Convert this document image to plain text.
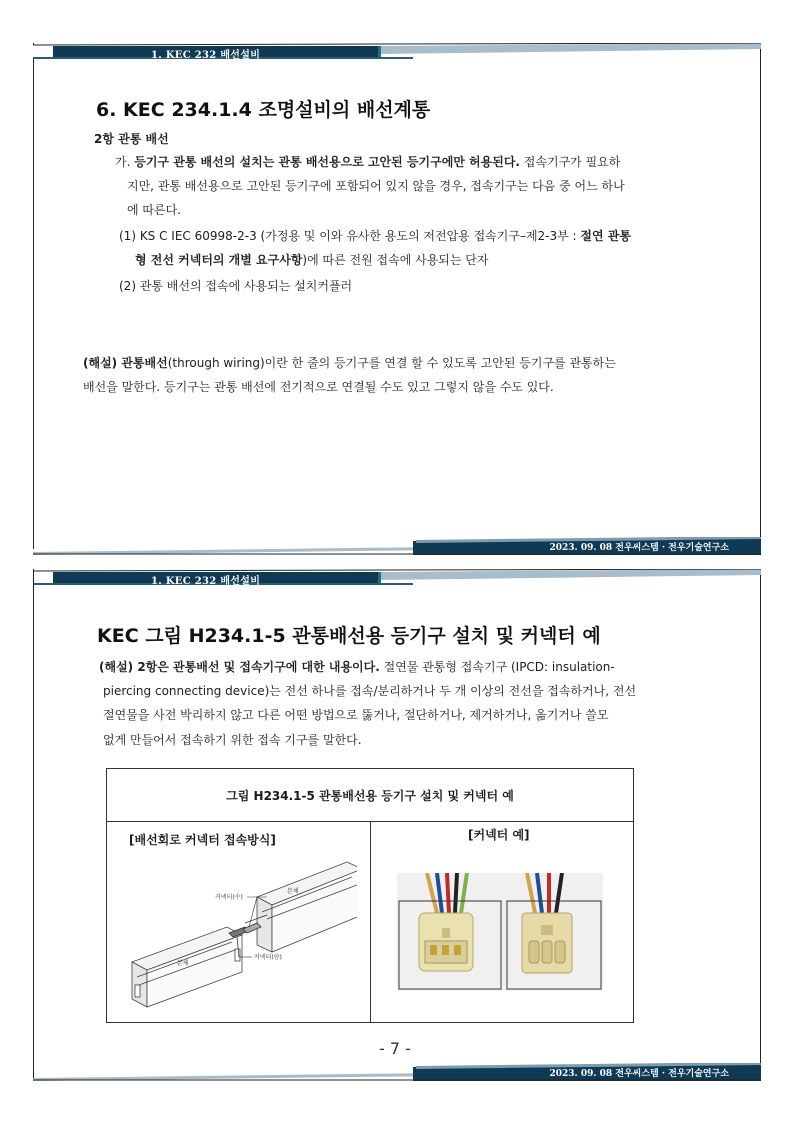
1. KEC 232 배선설비
6. KEC 234.1.4 조명설비의 배선계통
2항 관통 배선
가. 등기구 관통 배선의 설치는 관통 배선용으로 고안된 등기구에만 허용된다. 접속기구가 필요하
지만, 관통 배선용으로 고안된 등기구에 포함되어 있지 않을 경우, 접속기구는 다음 중 어느 하나
에 따른다.
(1) KS C IEC 60998-2-3 (가정용 및 이와 유사한 용도의 저전압용 접속기구–제2-3부 : 절연 관통
형 전선 커넥터의 개별 요구사항)에 따른 전원 접속에 사용되는 단자
(2) 관통 배선의 접속에 사용되는 설치커플러
(해설) 관통배선(through wiring)이란 한 줄의 등기구를 연결 할 수 있도록 고안된 등기구를 관통하는
배선을 말한다. 등기구는 관통 배선에 전기적으로 연결될 수도 있고 그렇지 않을 수도 있다.
2023. 09. 08 전우씨스템 · 전우기술연구소
1. KEC 232 배선설비
KEC 그림 H234.1-5 관통배선용 등기구 설치 및 커넥터 예
(해설) 2항은 관통배선 및 접속기구에 대한 내용이다. 절연물 관통형 접속기구 (IPCD: insulation-
piercing connecting device)는 전선 하나를 접속/분리하거나 두 개 이상의 전선을 접속하거나, 전선
절연물을 사전 박리하지 않고 다른 어떤 방법으로 뚫거나, 절단하거나, 제거하거나, 옮기거나 쓸모
없게 만들어서 접속하기 위한 접속 기구를 말한다.
그림 H234.1-5 관통배선용 등기구 설치 및 커넥터 예
[배선회로 커넥터 접속방식]	[커넥터 예]
본체
본체
커넥터(수)
커넥터(암)
- 7 -
2023. 09. 08 전우씨스템 · 전우기술연구소
